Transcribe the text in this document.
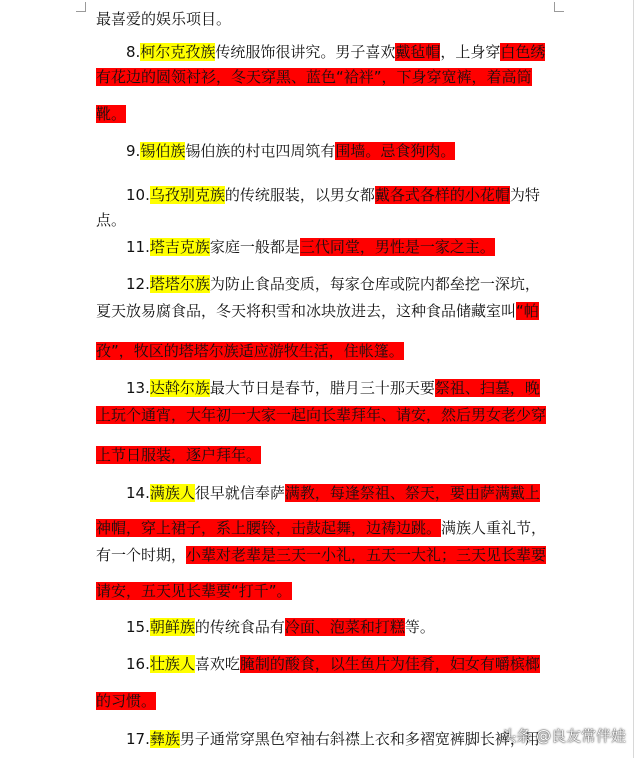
最喜爱的娱乐项目。
8.柯尔克孜族传统服饰很讲究。男子喜欢戴毡帽，上身穿白色绣
有花边的圆领衬衫，冬天穿黑、蓝色“袷袢”，下身穿宽裤，着高筒
靴。
9.锡伯族锡伯族的村屯四周筑有围墙。忌食狗肉。
10.乌孜别克族的传统服装，以男女都戴各式各样的小花帽为特
点。
11.塔吉克族家庭一般都是三代同堂，男性是一家之主。
12.塔塔尔族为防止食品变质，每家仓库或院内都垒挖一深坑，
夏天放易腐食品，冬天将积雪和冰块放进去，这种食品储藏室叫“帕
孜”，牧区的塔塔尔族适应游牧生活，住帐篷。
13.达斡尔族最大节日是春节，腊月三十那天要祭祖、扫墓，晚
上玩个通宵，大年初一大家一起向长辈拜年、请安，然后男女老少穿
上节日服装，逐户拜年。
14.满族人很早就信奉萨满教，每逢祭祖、祭天，要由萨满戴上
神帽，穿上裙子，系上腰铃，击鼓起舞，边祷边跳。满族人重礼节，
有一个时期，小辈对老辈是三天一小礼，五天一大礼；三天见长辈要
请安，五天见长辈要“打千”。
15.朝鲜族的传统食品有冷面、泡菜和打糕等。
16.壮族人喜欢吃腌制的酸食，以生鱼片为佳肴，妇女有嚼槟榔
的习惯。
17.彝族男子通常穿黑色窄袖右斜襟上衣和多褶宽裤脚长裤，用
头条 @良友常伴娃
